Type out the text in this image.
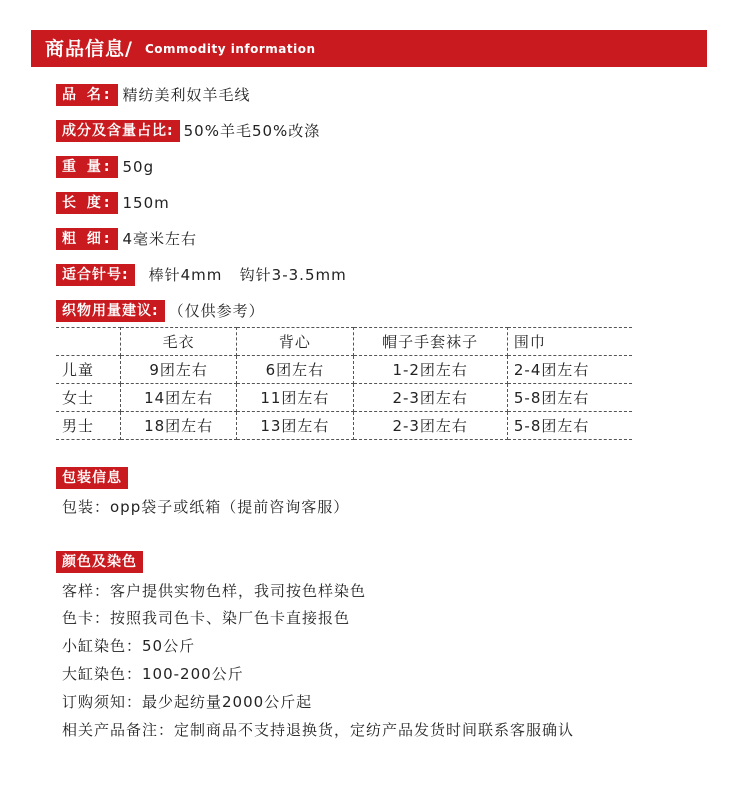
商品信息/ Commodity information
品 名: 精纺美利奴羊毛线
成分及含量占比: 50%羊毛50%改涤
重 量: 50g
长 度: 150m
粗 细: 4毫米左右
适合针号: 棒针4mm   钩针3-3.5mm
织物用量建议: （仅供参考）
	毛衣	背心	帽子手套袜子	围巾
儿童	9团左右	6团左右	1-2团左右	2-4团左右
女士	14团左右	11团左右	2-3团左右	5-8团左右
男士	18团左右	13团左右	2-3团左右	5-8团左右
包装信息
包装：opp袋子或纸箱（提前咨询客服）
颜色及染色
客样：客户提供实物色样，我司按色样染色
色卡：按照我司色卡、染厂色卡直接报色
小缸染色：50公斤
大缸染色：100-200公斤
订购须知：最少起纺量2000公斤起
相关产品备注：定制商品不支持退换货，定纺产品发货时间联系客服确认
